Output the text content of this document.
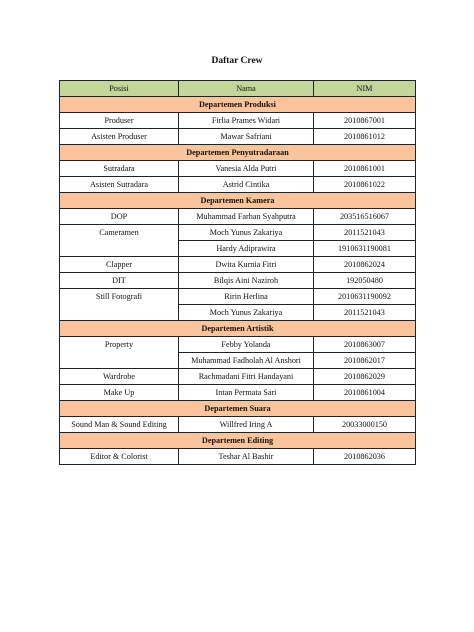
Daftar Crew
Posisi	Nama	NIM
Departemen Produksi		
Produser	Firlia Prames Widari	2010867001
Asisten Produser	Mawar Safriani	2010861012
Departemen Penyutradaraan		
Sutradara	Vanesia Alda Putri	2010861001
Asisten Sutradara	Astrid Cintika	2010861022
Departemen Kamera		
DOP	Muhammad Farhan Syahputra	203516516067
Cameramen	Moch Yunus Zakariya	2011521043
	Hardy Adiprawira	1910631190081
Clapper	Dwita Kurnia Fitri	2010862024
DIT	Bilqis Aini Naziroh	192050480
Still Fotografi	Ririn Herlina	2010631190092
	Moch Yunus Zakariya	2011521043
Departemen Artistik		
Property	Febby Yolanda	2010863007
	Muhammad Fadholah Al Anshori	2010862017
Wardrobe	Rachmadani Fitri Handayani	2010862029
Make Up	Intan Permata Sari	2010861004
Departemen Suara		
Sound Man & Sound Editing	Willfred Iring A	20033000150
Departemen Editing		
Editor & Colorist	Teshar Al Bashir	2010862036
